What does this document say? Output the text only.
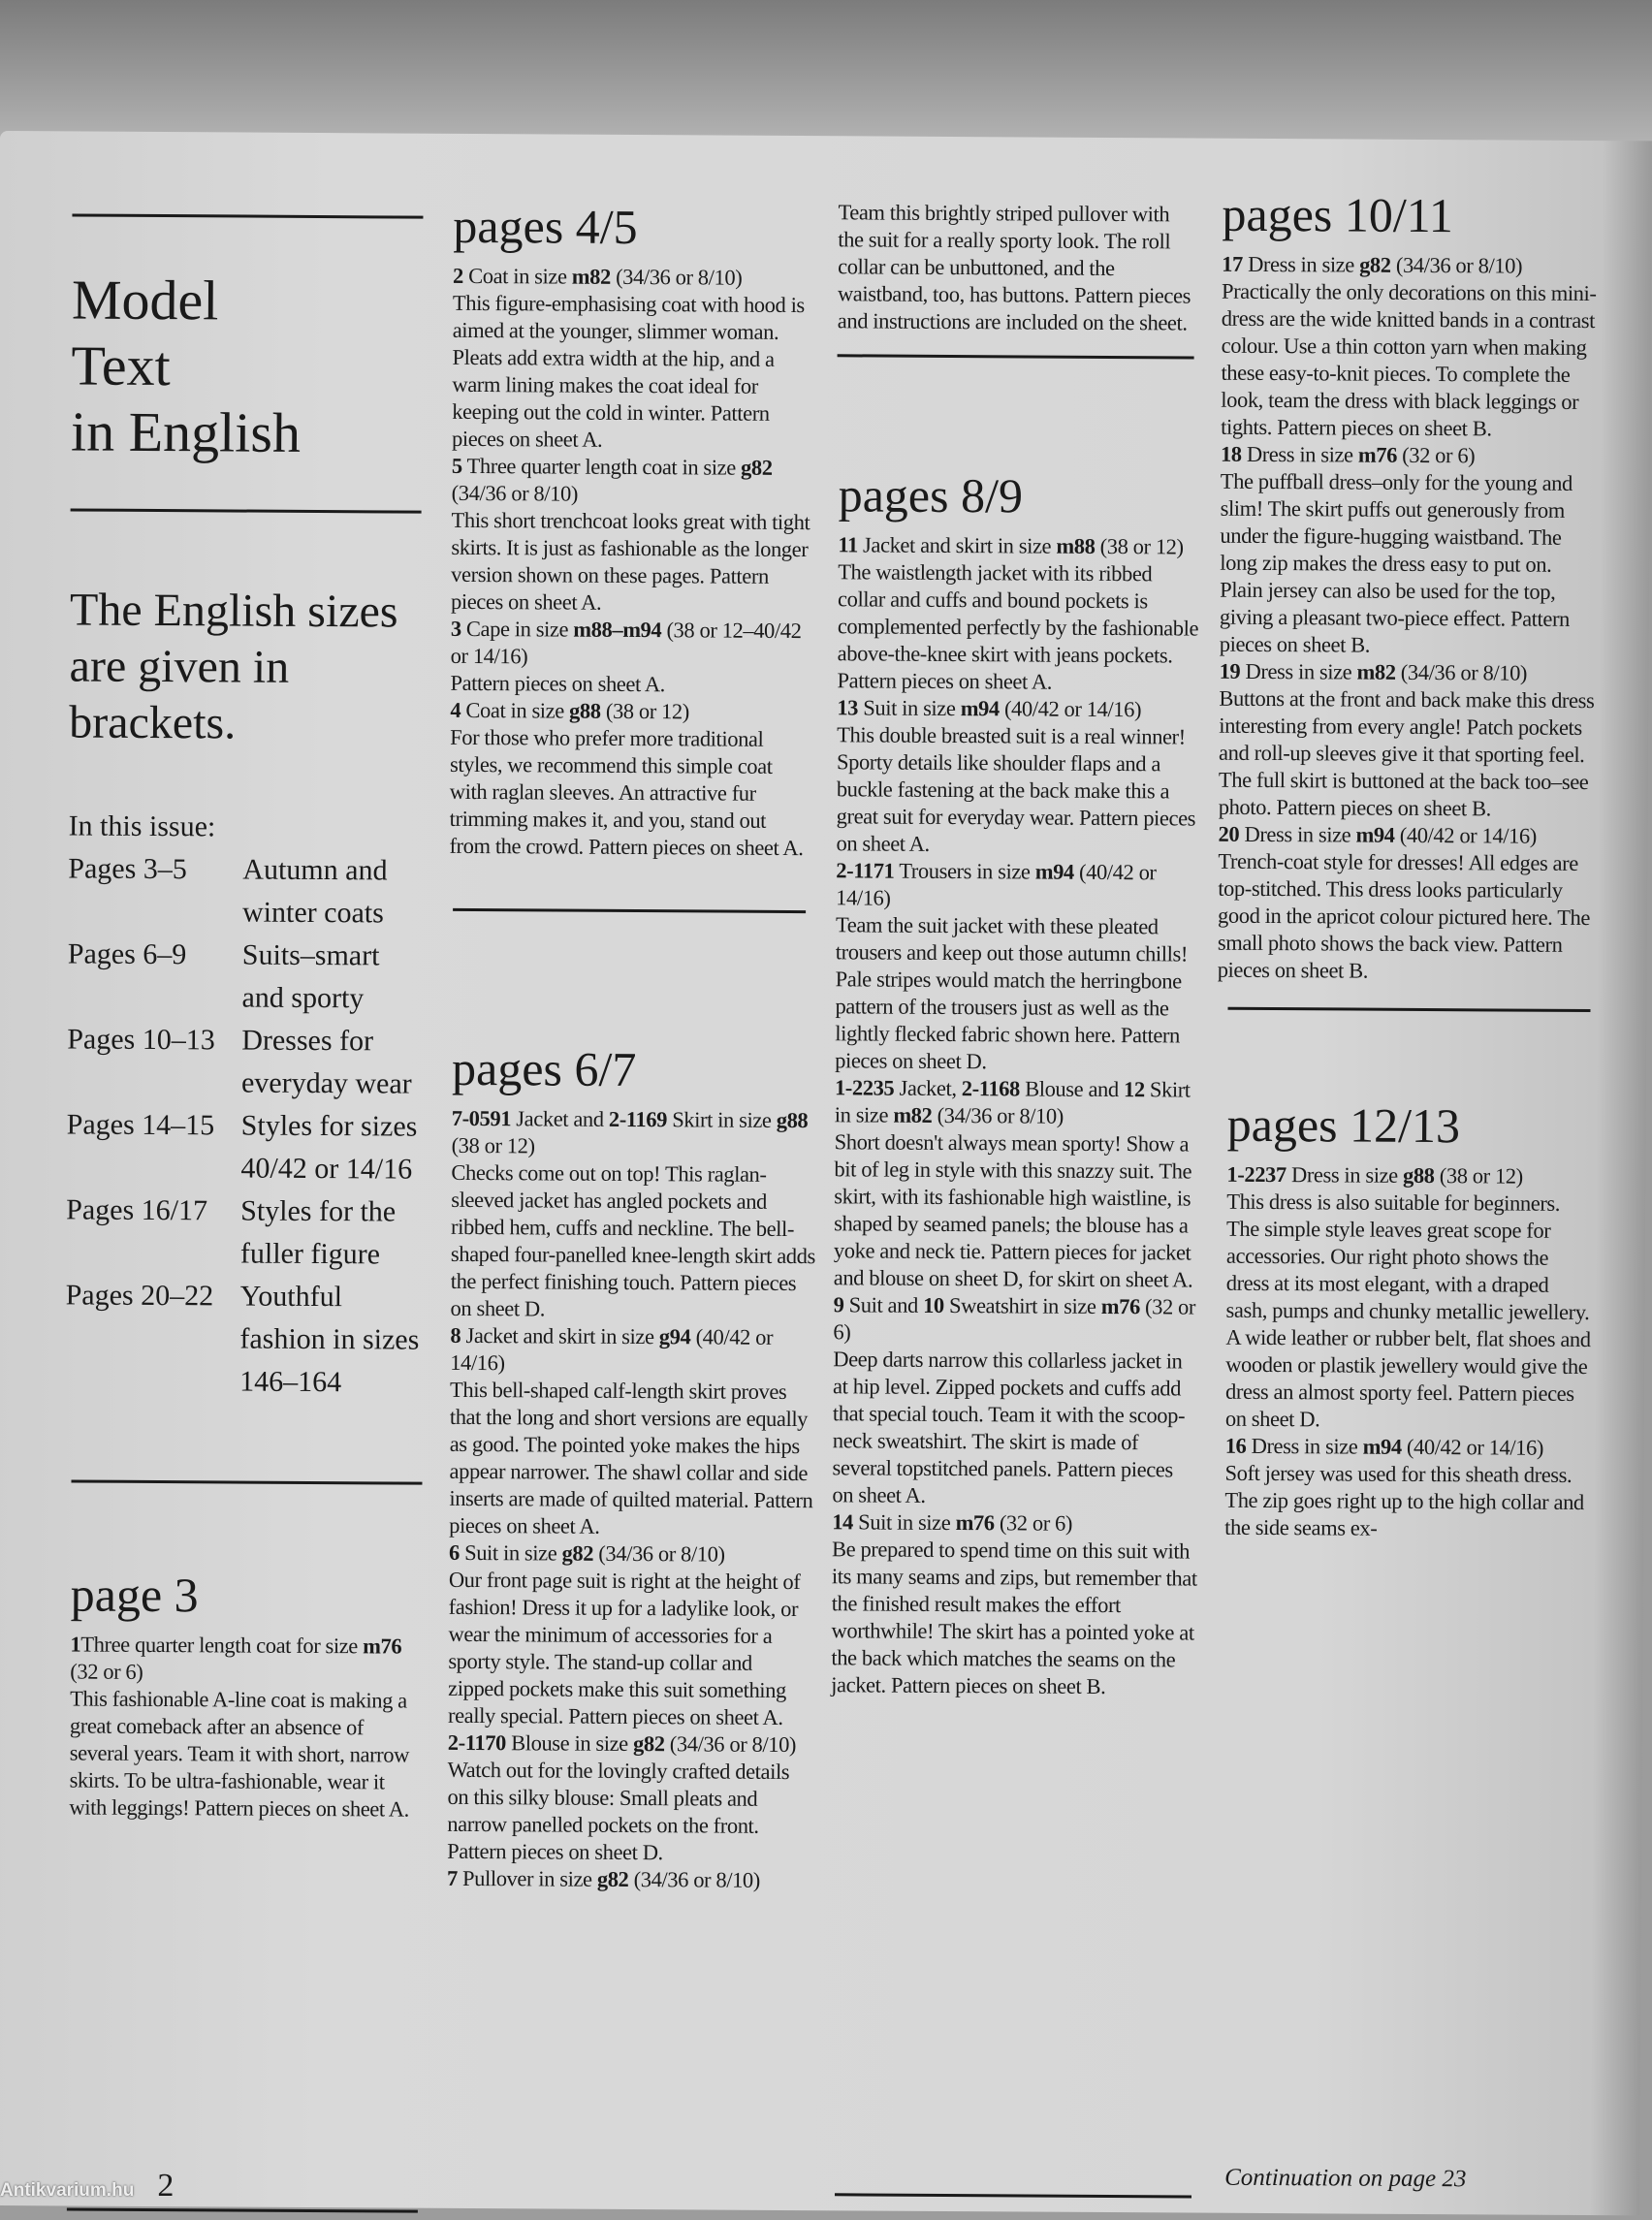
Model
Text
in English
The English sizes are given in brackets.
In this issue:
Pages 3–5	Autumn and winter coats
Pages 6–9	Suits–smart and sporty
Pages 10–13 Dresses for everyday wear
Pages 14–15 Styles for sizes 40/42 or 14/16
Pages 16/17	Styles for the fuller figure
Pages 20–22 Youthful fashion in sizes 146–164
page 3
1Three quarter length coat for size m76 (32 or 6)
This fashionable A-line coat is making a great comeback after an absence of several years. Team it with short, narrow skirts. To be ultra-fashionable, wear it with leggings! Pattern pieces on sheet A.
pages 4/5
2 Coat in size m82 (34/36 or 8/10)
This figure-emphasising coat with hood is aimed at the younger, slimmer woman. Pleats add extra width at the hip, and a warm lining makes the coat ideal for keeping out the cold in winter. Pattern pieces on sheet A.
5 Three quarter length coat in size g82 (34/36 or 8/10)
This short trenchcoat looks great with tight skirts. It is just as fashionable as the longer version shown on these pages. Pattern pieces on sheet A.
3 Cape in size m88–m94 (38 or 12–40/42 or 14/16)
Pattern pieces on sheet A.
4 Coat in size g88 (38 or 12)
For those who prefer more traditional styles, we recommend this simple coat with raglan sleeves. An attractive fur trimming makes it, and you, stand out from the crowd. Pattern pieces on sheet A.
pages 6/7
7-0591 Jacket and 2-1169 Skirt in size g88 (38 or 12)
Checks come out on top! This raglan-sleeved jacket has angled pockets and ribbed hem, cuffs and neckline. The bell-shaped four-panelled knee-length skirt adds the perfect finishing touch. Pattern pieces on sheet D.
8 Jacket and skirt in size g94 (40/42 or 14/16)
This bell-shaped calf-length skirt proves that the long and short versions are equally as good. The pointed yoke makes the hips appear narrower. The shawl collar and side inserts are made of quilted material. Pattern pieces on sheet A.
6 Suit in size g82 (34/36 or 8/10)
Our front page suit is right at the height of fashion! Dress it up for a ladylike look, or wear the minimum of accessories for a sporty style. The stand-up collar and zipped pockets make this suit something really special. Pattern pieces on sheet A.
2-1170 Blouse in size g82 (34/36 or 8/10)
Watch out for the lovingly crafted details on this silky blouse: Small pleats and narrow panelled pockets on the front. Pattern pieces on sheet D.
7 Pullover in size g82 (34/36 or 8/10)
Team this brightly striped pullover with the suit for a really sporty look. The roll collar can be unbuttoned, and the waistband, too, has buttons. Pattern pieces and instructions are included on the sheet.
pages 8/9
11 Jacket and skirt in size m88 (38 or 12)
The waistlength jacket with its ribbed collar and cuffs and bound pockets is complemented perfectly by the fashionable above-the-knee skirt with jeans pockets. Pattern pieces on sheet A.
13 Suit in size m94 (40/42 or 14/16)
This double breasted suit is a real winner! Sporty details like shoulder flaps and a buckle fastening at the back make this a great suit for everyday wear. Pattern pieces on sheet A.
2-1171 Trousers in size m94 (40/42 or 14/16)
Team the suit jacket with these pleated trousers and keep out those autumn chills! Pale stripes would match the herringbone pattern of the trousers just as well as the lightly flecked fabric shown here. Pattern pieces on sheet D.
1-2235 Jacket, 2-1168 Blouse and 12 Skirt in size m82 (34/36 or 8/10)
Short doesn't always mean sporty! Show a bit of leg in style with this snazzy suit. The skirt, with its fashionable high waistline, is shaped by seamed panels; the blouse has a yoke and neck tie. Pattern pieces for jacket and blouse on sheet D, for skirt on sheet A.
9 Suit and 10 Sweatshirt in size m76 (32 or 6)
Deep darts narrow this collarless jacket in at hip level. Zipped pockets and cuffs add that special touch. Team it with the scoop-neck sweatshirt. The skirt is made of several topstitched panels. Pattern pieces on sheet A.
14 Suit in size m76 (32 or 6)
Be prepared to spend time on this suit with its many seams and zips, but remember that the finished result makes the effort worthwhile! The skirt has a pointed yoke at the back which matches the seams on the jacket. Pattern pieces on sheet B.
pages 10/11
17 Dress in size g82 (34/36 or 8/10)
Practically the only decorations on this mini-dress are the wide knitted bands in a contrast colour. Use a thin cotton yarn when making these easy-to-knit pieces. To complete the look, team the dress with black leggings or tights. Pattern pieces on sheet B.
18 Dress in size m76 (32 or 6)
The puffball dress–only for the young and slim! The skirt puffs out generously from under the figure-hugging waistband. The long zip makes the dress easy to put on. Plain jersey can also be used for the top, giving a pleasant two-piece effect. Pattern pieces on sheet B.
19 Dress in size m82 (34/36 or 8/10)
Buttons at the front and back make this dress interesting from every angle! Patch pockets and roll-up sleeves give it that sporting feel. The full skirt is buttoned at the back too–see photo. Pattern pieces on sheet B.
20 Dress in size m94 (40/42 or 14/16)
Trench-coat style for dresses! All edges are top-stitched. This dress looks particularly good in the apricot colour pictured here. The small photo shows the back view. Pattern pieces on sheet B.
pages 12/13
1-2237 Dress in size g88 (38 or 12)
This dress is also suitable for beginners. The simple style leaves great scope for accessories. Our right photo shows the dress at its most elegant, with a draped sash, pumps and chunky metallic jewellery. A wide leather or rubber belt, flat shoes and wooden or plastik jewellery would give the dress an almost sporty feel. Pattern pieces on sheet D.
16 Dress in size m94 (40/42 or 14/16)
Soft jersey was used for this sheath dress. The zip goes right up to the high collar and the side seams ex-
Continuation on page 23
Antikvarium.hu 2
